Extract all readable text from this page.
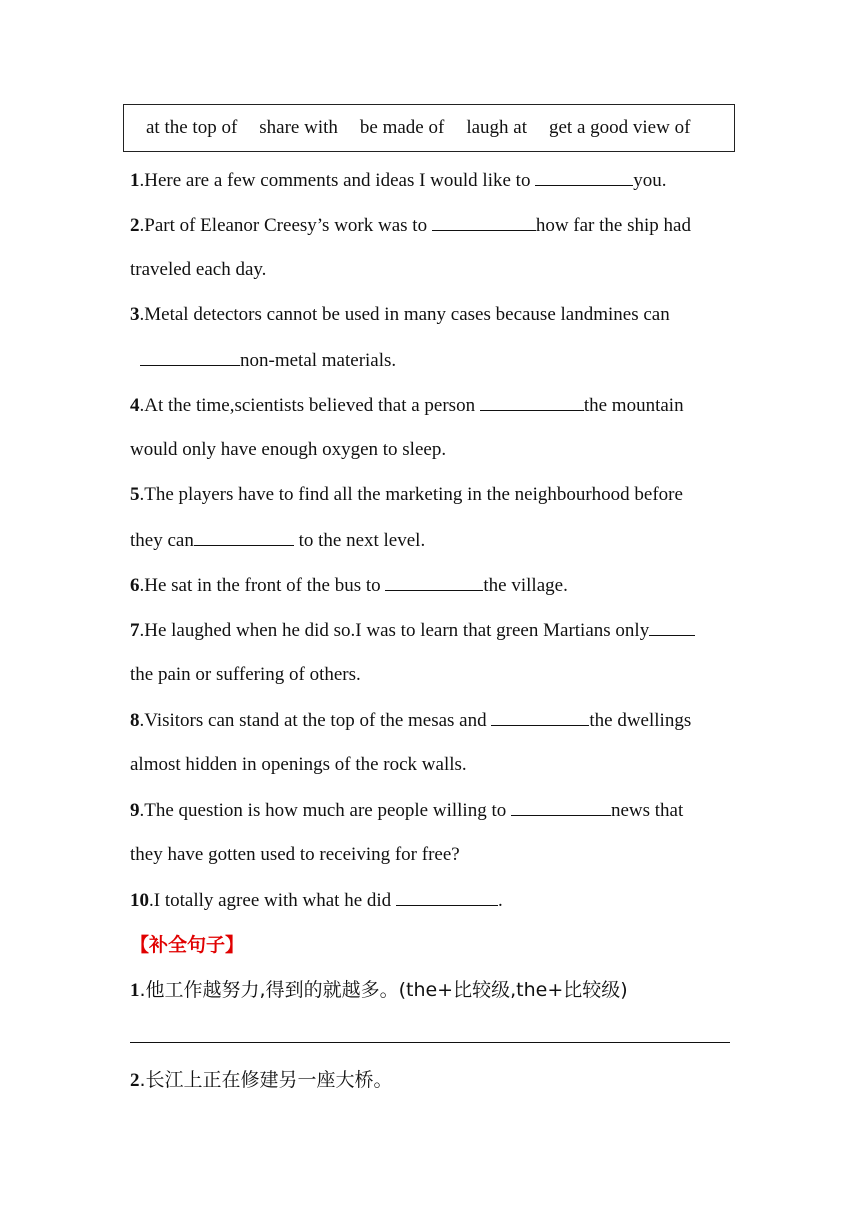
at the top of share with be made of laugh at get a good view of
1.Here are a few comments and ideas I would like to	you.
2.Part of Eleanor Creesy’s work was to	how far the ship had
traveled each day.
3.Metal detectors cannot be used in many cases because landmines can
non-metal materials.
4.At the time,scientists believed that a person	the mountain
would only have enough oxygen to sleep.
5.The players have to find all the marketing in the neighbourhood before
they can	to the next level.
6.He sat in the front of the bus to	the village.
7.He laughed when he did so.I was to learn that green Martians only
the pain or suffering of others.
8.Visitors can stand at the top of the mesas and	the dwellings
almost hidden in openings of the rock walls.
9.The question is how much are people willing to	news that
they have gotten used to receiving for free?
10.I totally agree with what he did	.
【补全句子】
1.他工作越努力,得到的就越多。(the+比较级,the+比较级)
2.长江上正在修建另一座大桥。
